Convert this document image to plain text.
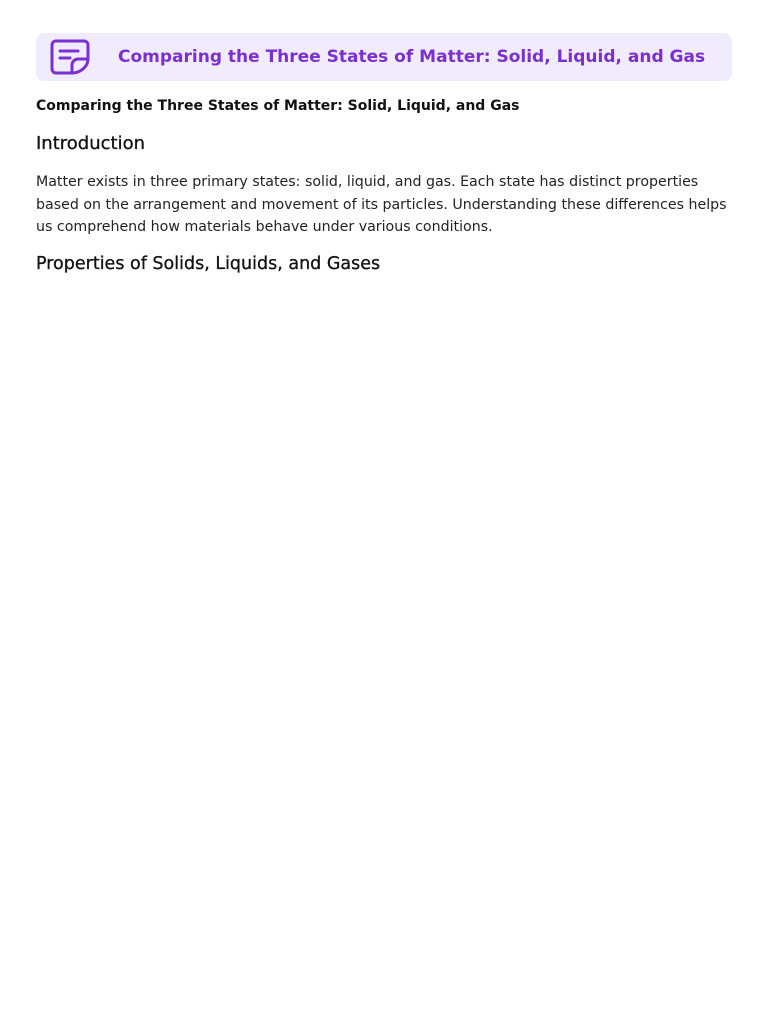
Comparing the Three States of Matter: Solid, Liquid, and Gas
Comparing the Three States of Matter: Solid, Liquid, and Gas
Introduction

Matter exists in three primary states: solid, liquid, and gas. Each state has distinct properties based on the arrangement and movement of its particles. Understanding these differences helps us comprehend how materials behave under various conditions.

Properties of Solids, Liquids, and Gases
